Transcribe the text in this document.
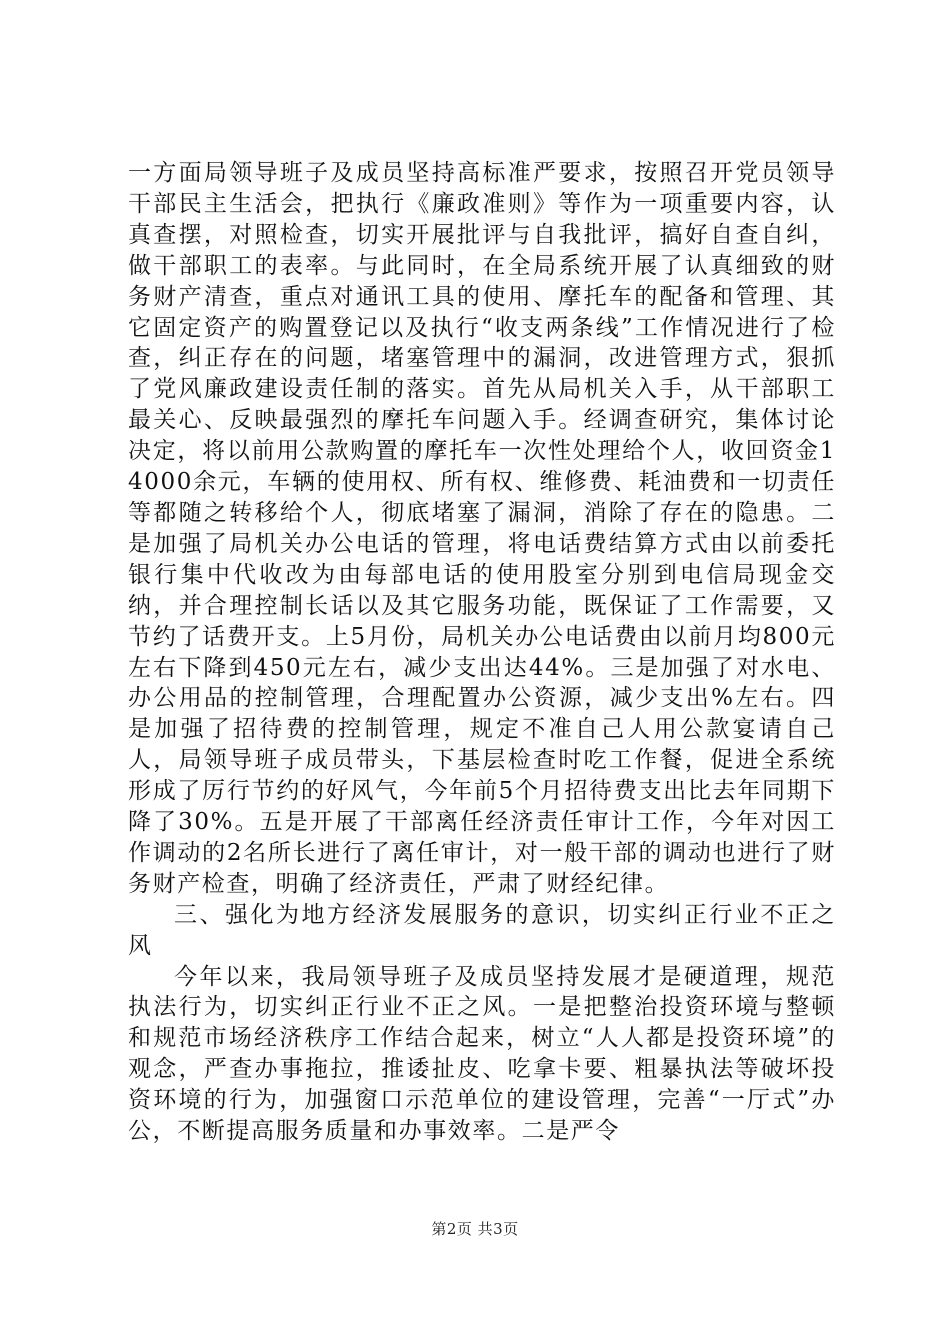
一方面局领导班子及成员坚持高标准严要求，按照召开党员领导干部民主生活会，把执行《廉政准则》等作为一项重要内容，认真查摆，对照检查，切实开展批评与自我批评，搞好自查自纠，做干部职工的表率。与此同时，在全局系统开展了认真细致的财务财产清查，重点对通讯工具的使用、摩托车的配备和管理、其它固定资产的购置登记以及执行“收支两条线”工作情况进行了检查，纠正存在的问题，堵塞管理中的漏洞，改进管理方式，狠抓了党风廉政建设责任制的落实。首先从局机关入手，从干部职工最关心、反映最强烈的摩托车问题入手。经调查研究，集体讨论决定，将以前用公款购置的摩托车一次性处理给个人，收回资金14000余元，车辆的使用权、所有权、维修费、耗油费和一切责任等都随之转移给个人，彻底堵塞了漏洞，消除了存在的隐患。二是加强了局机关办公电话的管理，将电话费结算方式由以前委托银行集中代收改为由每部电话的使用股室分别到电信局现金交纳，并合理控制长话以及其它服务功能，既保证了工作需要，又节约了话费开支。上5月份，局机关办公电话费由以前月均800元左右下降到450元左右，减少支出达44%。三是加强了对水电、办公用品的控制管理，合理配置办公资源，减少支出%左右。四是加强了招待费的控制管理，规定不准自己人用公款宴请自己人，局领导班子成员带头，下基层检查时吃工作餐，促进全系统形成了厉行节约的好风气，今年前5个月招待费支出比去年同期下降了30%。五是开展了干部离任经济责任审计工作，今年对因工作调动的2名所长进行了离任审计，对一般干部的调动也进行了财务财产检查，明确了经济责任，严肃了财经纪律。

三、强化为地方经济发展服务的意识，切实纠正行业不正之风

今年以来，我局领导班子及成员坚持发展才是硬道理，规范执法行为，切实纠正行业不正之风。一是把整治投资环境与整顿和规范市场经济秩序工作结合起来，树立“人人都是投资环境”的观念，严查办事拖拉，推诿扯皮、吃拿卡要、粗暴执法等破坏投资环境的行为，加强窗口示范单位的建设管理，完善“一厅式”办公，不断提高服务质量和办事效率。二是严令

第2页 共3页
